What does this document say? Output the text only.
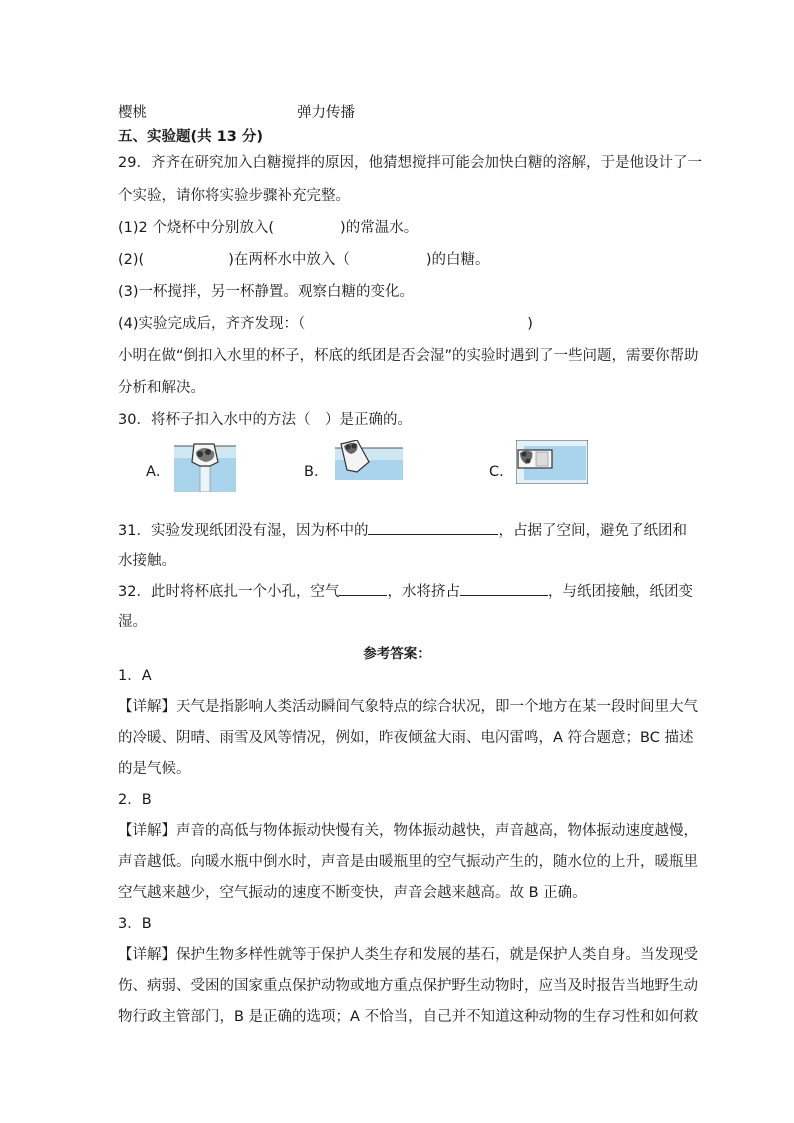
樱桃	弹力传播
五、实验题(共 13 分)
29．齐齐在研究加入白糖搅拌的原因，他猜想搅拌可能会加快白糖的溶解，于是他设计了一
个实验，请你将实验步骤补充完整。
(1)2 个烧杯中分别放入(	)的常温水。
(2)(	)在两杯水中放入（	)的白糖。
(3)一杯搅拌，另一杯静置。观察白糖的变化。
(4)实验完成后，齐齐发现：（	)
小明在做“倒扣入水里的杯子，杯底的纸团是否会湿”的实验时遇到了一些问题，需要你帮助
分析和解决。
30．将杯子扣入水中的方法（　）是正确的。
A．	B．	C．
31．实验发现纸团没有湿，因为杯中的	，占据了空间，避免了纸团和
水接触。
32．此时将杯底扎一个小孔，空气	，水将挤占	，与纸团接触，纸团变
湿。
参考答案：
1．A
【详解】天气是指影响人类活动瞬间气象特点的综合状况，即一个地方在某一段时间里大气
的冷暖、阴晴、雨雪及风等情况，例如，昨夜倾盆大雨、电闪雷鸣，A 符合题意；BC 描述
的是气候。
2．B
【详解】声音的高低与物体振动快慢有关，物体振动越快，声音越高，物体振动速度越慢，
声音越低。向暖水瓶中倒水时，声音是由暖瓶里的空气振动产生的，随水位的上升，暖瓶里
空气越来越少，空气振动的速度不断变快，声音会越来越高。故 B 正确。
3．B
【详解】保护生物多样性就等于保护人类生存和发展的基石，就是保护人类自身。当发现受
伤、病弱、受困的国家重点保护动物或地方重点保护野生动物时，应当及时报告当地野生动
物行政主管部门，B 是正确的选项；A 不恰当，自己并不知道这种动物的生存习性和如何救
